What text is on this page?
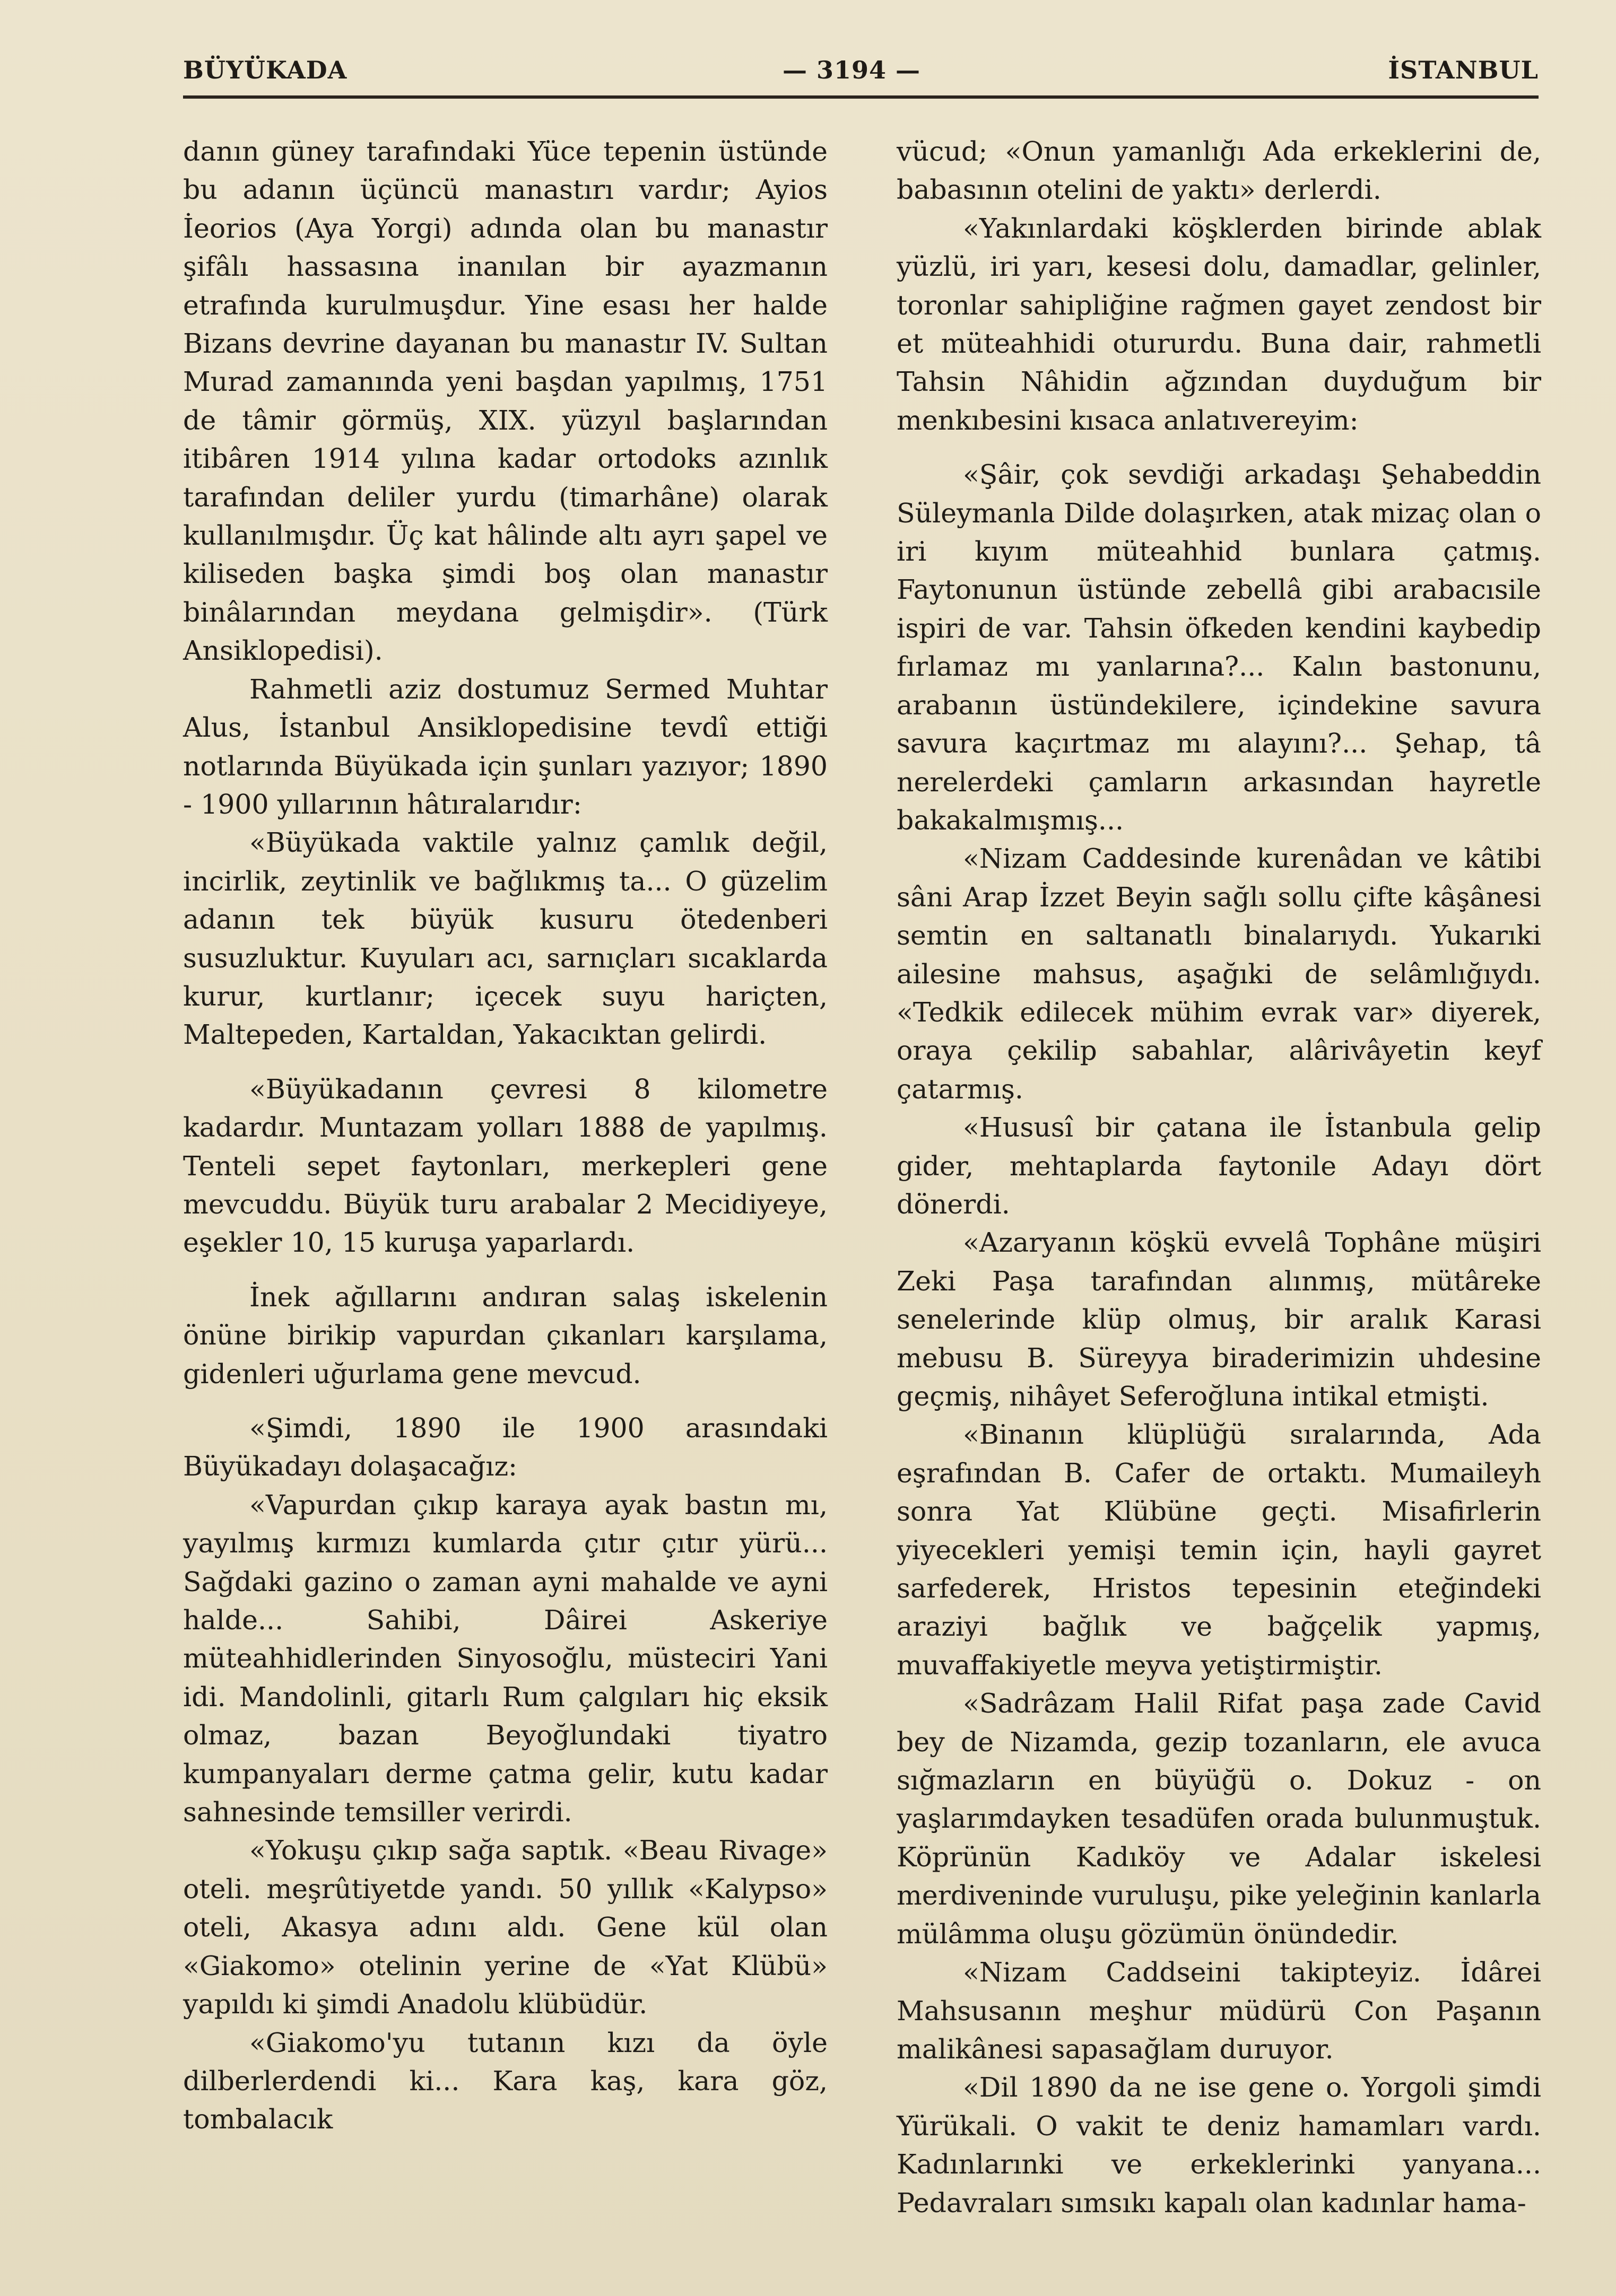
BÜYÜKADA	— 3194 —	İSTANBUL

danın güney tarafındaki Yüce tepenin üstünde bu adanın üçüncü manastırı vardır; Ayios İeorios (Aya Yorgi) adında olan bu manastır şifâlı hassasına inanılan bir ayazmanın etrafında kurulmuşdur. Yine esası her halde Bizans devrine dayanan bu manastır IV. Sultan Murad zamanında yeni başdan yapılmış, 1751 de tâmir görmüş, XIX. yüzyıl başlarından itibâren 1914 yılına kadar ortodoks azınlık tarafından deliler yurdu (timarhâne) olarak kullanılmışdır. Üç kat hâlinde altı ayrı şapel ve kiliseden başka şimdi boş olan manastır binâlarından meydana gelmişdir». (Türk Ansiklopedisi).

Rahmetli aziz dostumuz Sermed Muhtar Alus, İstanbul Ansiklopedisine tevdî ettiği notlarında Büyükada için şunları yazıyor; 1890 - 1900 yıllarının hâtıralarıdır:

«Büyükada vaktile yalnız çamlık değil, incirlik, zeytinlik ve bağlıkmış ta... O güzelim adanın tek büyük kusuru ötedenberi susuzluktur. Kuyuları acı, sarnıçları sıcaklarda kurur, kurtlanır; içecek suyu hariçten, Maltepeden, Kartaldan, Yakacıktan gelirdi.

«Büyükadanın çevresi 8 kilometre kadardır. Muntazam yolları 1888 de yapılmış. Tenteli sepet faytonları, merkepleri gene mevcuddu. Büyük turu arabalar 2 Mecidiyeye, eşekler 10, 15 kuruşa yaparlardı.

İnek ağıllarını andıran salaş iskelenin önüne birikip vapurdan çıkanları karşılama, gidenleri uğurlama gene mevcud.

«Şimdi, 1890 ile 1900 arasındaki Büyükadayı dolaşacağız:

«Vapurdan çıkıp karaya ayak bastın mı, yayılmış kırmızı kumlarda çıtır çıtır yürü... Sağdaki gazino o zaman ayni mahalde ve ayni halde... Sahibi, Dâirei Askeriye müteahhidlerinden Sinyosoğlu, müsteciri Yani idi. Mandolinli, gitarlı Rum çalgıları hiç eksik olmaz, bazan Beyoğlundaki tiyatro kumpanyaları derme çatma gelir, kutu kadar sahnesinde temsiller verirdi.

«Yokuşu çıkıp sağa saptık. «Beau Rivage» oteli. meşrûtiyetde yandı. 50 yıllık «Kalypso» oteli, Akasya adını aldı. Gene kül olan «Giakomo» otelinin yerine de «Yat Klübü» yapıldı ki şimdi Anadolu klübüdür.

«Giakomo'yu tutanın kızı da öyle dilberlerdendi ki... Kara kaş, kara göz, tombalacık

vücud; «Onun yamanlığı Ada erkeklerini de, babasının otelini de yaktı» derlerdi.

«Yakınlardaki köşklerden birinde ablak yüzlü, iri yarı, kesesi dolu, damadlar, gelinler, toronlar sahipliğine rağmen gayet zendost bir et müteahhidi otururdu. Buna dair, rahmetli Tahsin Nâhidin ağzından duyduğum bir menkıbesini kısaca anlatıvereyim:

«Şâir, çok sevdiği arkadaşı Şehabeddin Süleymanla Dilde dolaşırken, atak mizaç olan o iri kıyım müteahhid bunlara çatmış. Faytonunun üstünde zebellâ gibi arabacısile ispiri de var. Tahsin öfkeden kendini kaybedip fırlamaz mı yanlarına?... Kalın bastonunu, arabanın üstündekilere, içindekine savura savura kaçırtmaz mı alayını?... Şehap, tâ nerelerdeki çamların arkasından hayretle bakakalmışmış...

«Nizam Caddesinde kurenâdan ve kâtibi sâni Arap İzzet Beyin sağlı sollu çifte kâşânesi semtin en saltanatlı binalarıydı. Yukarıki ailesine mahsus, aşağıki de selâmlığıydı. «Tedkik edilecek mühim evrak var» diyerek, oraya çekilip sabahlar, alârivâyetin keyf çatarmış.

«Hususî bir çatana ile İstanbula gelip gider, mehtaplarda faytonile Adayı dört dönerdi.

«Azaryanın köşkü evvelâ Tophâne müşiri Zeki Paşa tarafından alınmış, mütâreke senelerinde klüp olmuş, bir aralık Karasi mebusu B. Süreyya biraderimizin uhdesine geçmiş, nihâyet Seferoğluna intikal etmişti.

«Binanın klüplüğü sıralarında, Ada eşrafından B. Cafer de ortaktı. Mumaileyh sonra Yat Klübüne geçti. Misafirlerin yiyecekleri yemişi temin için, hayli gayret sarfederek, Hristos tepesinin eteğindeki araziyi bağlık ve bağçelik yapmış, muvaffakiyetle meyva yetiştirmiştir.

«Sadrâzam Halil Rifat paşa zade Cavid bey de Nizamda, gezip tozanların, ele avuca sığmazların en büyüğü o. Dokuz - on yaşlarımdayken tesadüfen orada bulunmuştuk. Köprünün Kadıköy ve Adalar iskelesi merdiveninde vuruluşu, pike yeleğinin kanlarla mülâmma oluşu gözümün önündedir.

«Nizam Caddseini takipteyiz. İdârei Mahsusanın meşhur müdürü Con Paşanın malikânesi sapasağlam duruyor.

«Dil 1890 da ne ise gene o. Yorgoli şimdi Yürükali. O vakit te deniz hamamları vardı. Kadınlarınki ve erkeklerinki yanyana... Pedavraları sımsıkı kapalı olan kadınlar hama-
